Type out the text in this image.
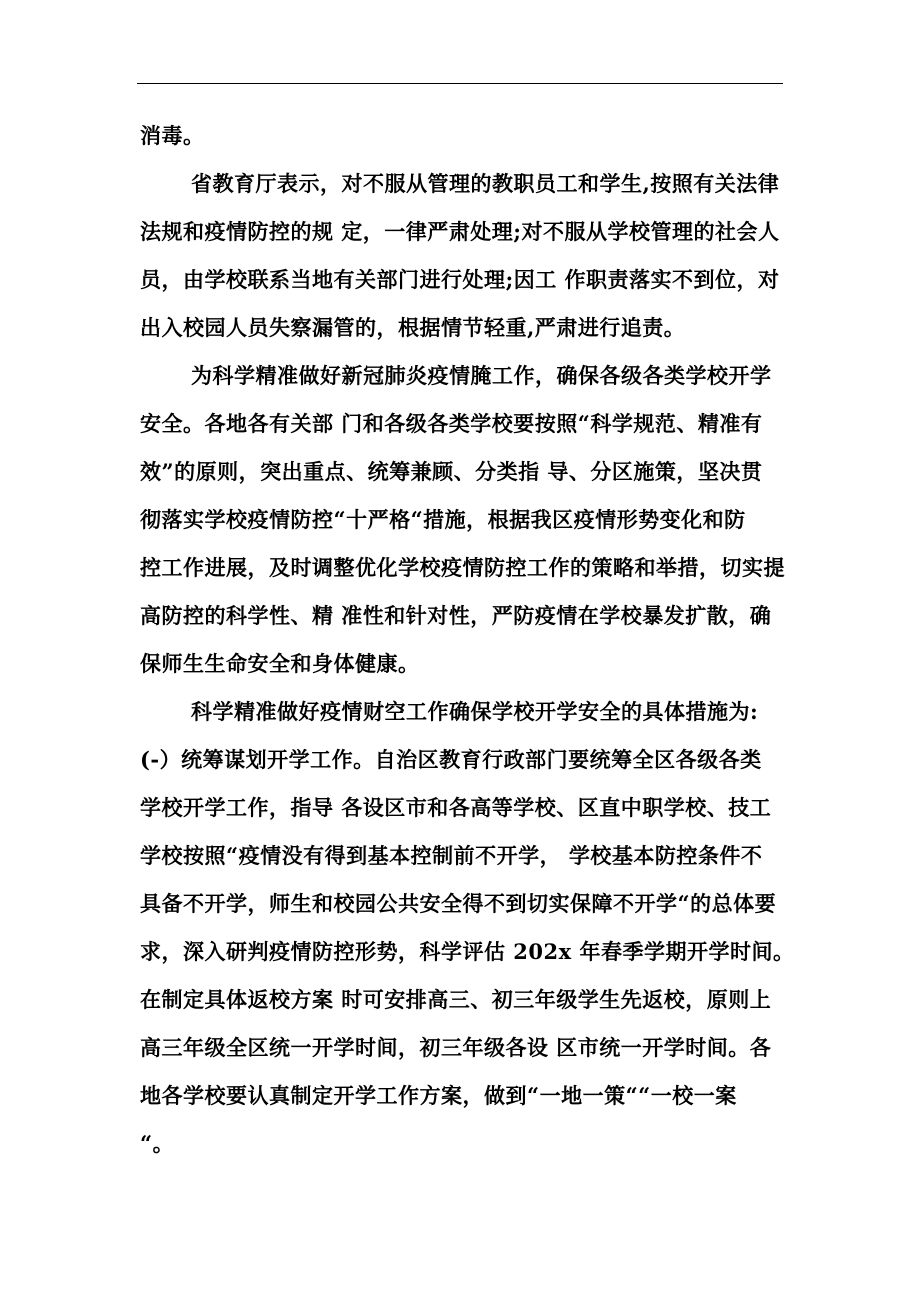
消毒。
省教育厅表示，对不服从管理的教职员工和学生,按照有关法律
法规和疫情防控的规 定，一律严肃处理;对不服从学校管理的社会人
员，由学校联系当地有关部门进行处理;因工 作职责落实不到位，对
出入校园人员失察漏管的，根据情节轻重,严肃进行追责。
为科学精准做好新冠肺炎疫情腌工作，确保各级各类学校开学
安全。各地各有关部 门和各级各类学校要按照“科学规范、精准有
效”的原则，突出重点、统筹兼顾、分类指 导、分区施策，坚决贯
彻落实学校疫情防控“十严格“措施，根据我区疫情形势变化和防
控工作进展，及时调整优化学校疫情防控工作的策略和举措，切实提
高防控的科学性、精 准性和针对性，严防疫情在学校暴发扩散，确
保师生生命安全和身体健康。
科学精准做好疫情财空工作确保学校开学安全的具体措施为:
(-）统筹谋划开学工作。自治区教育行政部门要统筹全区各级各类
学校开学工作，指导 各设区市和各高等学校、区直中职学校、技工
学校按照“疫情没有得到基本控制前不开学， 学校基本防控条件不
具备不开学，师生和校园公共安全得不到切实保障不开学“的总体要
求，深入研判疫情防控形势，科学评估 202x 年春季学期开学时间。
在制定具体返校方案 时可安排高三、初三年级学生先返校，原则上
高三年级全区统一开学时间，初三年级各设 区市统一开学时间。各
地各学校要认真制定开学工作方案，做到“一地一策““一校一案
“。
